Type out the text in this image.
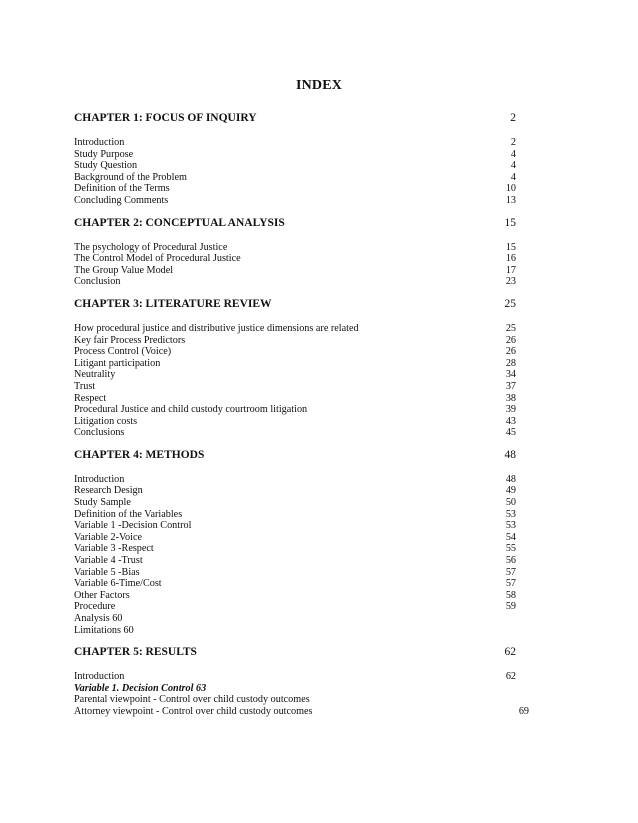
INDEX
CHAPTER 1: FOCUS OF INQUIRY	2
Introduction	2
Study Purpose	4
Study Question	4
Background of the Problem	4
Definition of the Terms	10
Concluding Comments	13
CHAPTER 2: CONCEPTUAL ANALYSIS	15
The psychology of Procedural Justice	15
The Control Model of Procedural Justice	16
The Group Value Model	17
Conclusion	23
CHAPTER 3: LITERATURE REVIEW	25
How procedural justice and distributive justice dimensions are related	25
Key fair Process Predictors	26
Process Control (Voice)	26
Litigant participation	28
Neutrality	34
Trust	37
Respect	38
Procedural Justice and child custody courtroom litigation	39
Litigation costs	43
Conclusions	45
CHAPTER 4: METHODS	48
Introduction	48
Research Design	49
Study Sample	50
Definition of the Variables	53
Variable 1 -Decision Control	53
Variable 2-Voice	54
Variable 3 -Respect	55
Variable 4 -Trust	56
Variable 5 -Bias	57
Variable 6-Time/Cost	57
Other Factors	58
Procedure	59
Analysis 60
Limitations 60
CHAPTER 5: RESULTS	62
Introduction	62
Variable 1. Decision Control 63
Parental viewpoint - Control over child custody outcomes
Attorney viewpoint - Control over child custody outcomes	69
